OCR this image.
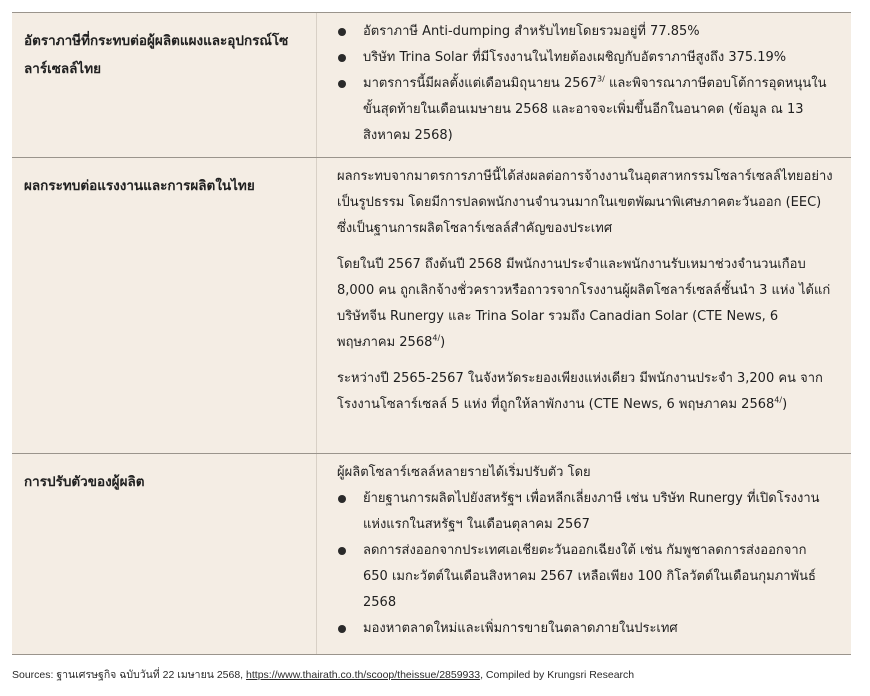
อัตราภาษีที่กระทบต่อผู้ผลิตแผงและอุปกรณ์โซลาร์เซลล์ไทย
อัตราภาษี Anti-dumping สำหรับไทยโดยรวมอยู่ที่ 77.85%
บริษัท Trina Solar ที่มีโรงงานในไทยต้องเผชิญกับอัตราภาษีสูงถึง 375.19%
มาตรการนี้มีผลตั้งแต่เดือนมิถุนายน $2567^{3/}$ และพิจารณาภาษีตอบโต้การอุดหนุนในขั้นสุดท้ายในเดือนเมษายน 2568 และอาจจะเพิ่มขึ้นอีกในอนาคต (ข้อมูล ณ 13 สิงหาคม 2568)
ผลกระทบต่อแรงงานและการผลิตในไทย

ผลกระทบจากมาตรการภาษีนี้ได้ส่งผลต่อการจ้างงานในอุตสาหกรรมโซลาร์เซลล์ไทยอย่างเป็นรูปธรรม โดยมีการปลดพนักงานจำนวนมากในเขตพัฒนาพิเศษภาคตะวันออก (EEC) ซึ่งเป็นฐานการผลิตโซลาร์เซลล์สำคัญของประเทศ

โดยในปี 2567 ถึงต้นปี 2568 มีพนักงานประจำและพนักงานรับเหมาช่วงจำนวนเกือบ 8,000 คน ถูกเลิกจ้างชั่วคราวหรือถาวรจากโรงงานผู้ผลิตโซลาร์เซลล์ชั้นนำ 3 แห่ง ได้แก่ บริษัทจีน Runergy และ Trina Solar รวมถึง Canadian Solar (CTE News, 6 พฤษภาคม $2568^{4/}$)

ระหว่างปี 2565-2567 ในจังหวัดระยองเพียงแห่งเดียว มีพนักงานประจำ 3,200 คน จากโรงงานโซลาร์เซลล์ 5 แห่ง ที่ถูกให้ลาพักงาน (CTE News, 6 พฤษภาคม $2568^{4/}$)

การปรับตัวของผู้ผลิต
ผู้ผลิตโซลาร์เซลล์หลายรายได้เริ่มปรับตัว โดย
ย้ายฐานการผลิตไปยังสหรัฐฯ เพื่อหลีกเลี่ยงภาษี เช่น บริษัท Runergy ที่เปิดโรงงานแห่งแรกในสหรัฐฯ ในเดือนตุลาคม 2567
ลดการส่งออกจากประเทศเอเชียตะวันออกเฉียงใต้ เช่น กัมพูชาลดการส่งออกจาก 650 เมกะวัตต์ในเดือนสิงหาคม 2567 เหลือเพียง 100 กิโลวัตต์ในเดือนกุมภาพันธ์ 2568
มองหาตลาดใหม่และเพิ่มการขายในตลาดภายในประเทศ
Sources: ฐานเศรษฐกิจ ฉบับวันที่ 22 เมษายน 2568, https://www.thairath.co.th/scoop/theissue/2859933, Compiled by Krungsri Research
